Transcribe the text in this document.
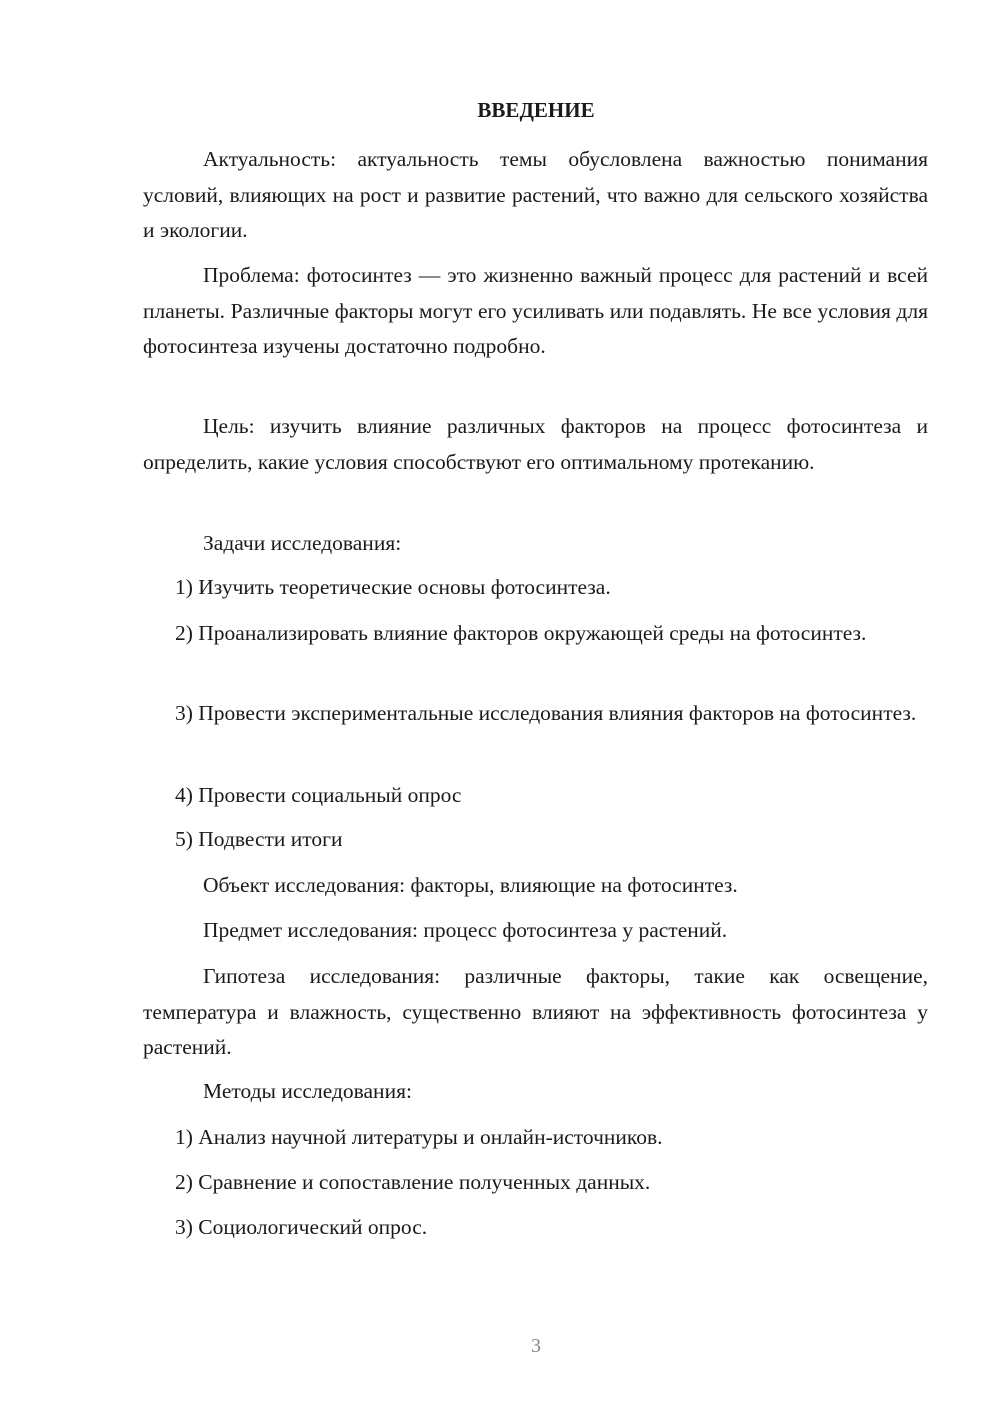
ВВЕДЕНИЕ

Актуальность: актуальность темы обусловлена важностью понимания условий, влияющих на рост и развитие растений, что важно для сельского хозяйства и экологии.

Проблема: фотосинтез — это жизненно важный процесс для растений и всей планеты. Различные факторы могут его усиливать или подавлять. Не все условия для фотосинтеза изучены достаточно подробно.

Цель: изучить влияние различных факторов на процесс фотосинтеза и определить, какие условия способствуют его оптимальному протеканию.

Задачи исследования:

1) Изучить теоретические основы фотосинтеза.

2) Проанализировать влияние факторов окружающей среды на фотосинтез.

3) Провести экспериментальные исследования влияния факторов на фотосинтез.

4) Провести социальный опрос

5) Подвести итоги

Объект исследования: факторы, влияющие на фотосинтез.

Предмет исследования: процесс фотосинтеза у растений.

Гипотеза исследования: различные факторы, такие как освещение, температура и влажность, существенно влияют на эффективность фотосинтеза у растений.

Методы исследования:

1) Анализ научной литературы и онлайн-источников.

2) Сравнение и сопоставление полученных данных.

3) Социологический опрос.

3
